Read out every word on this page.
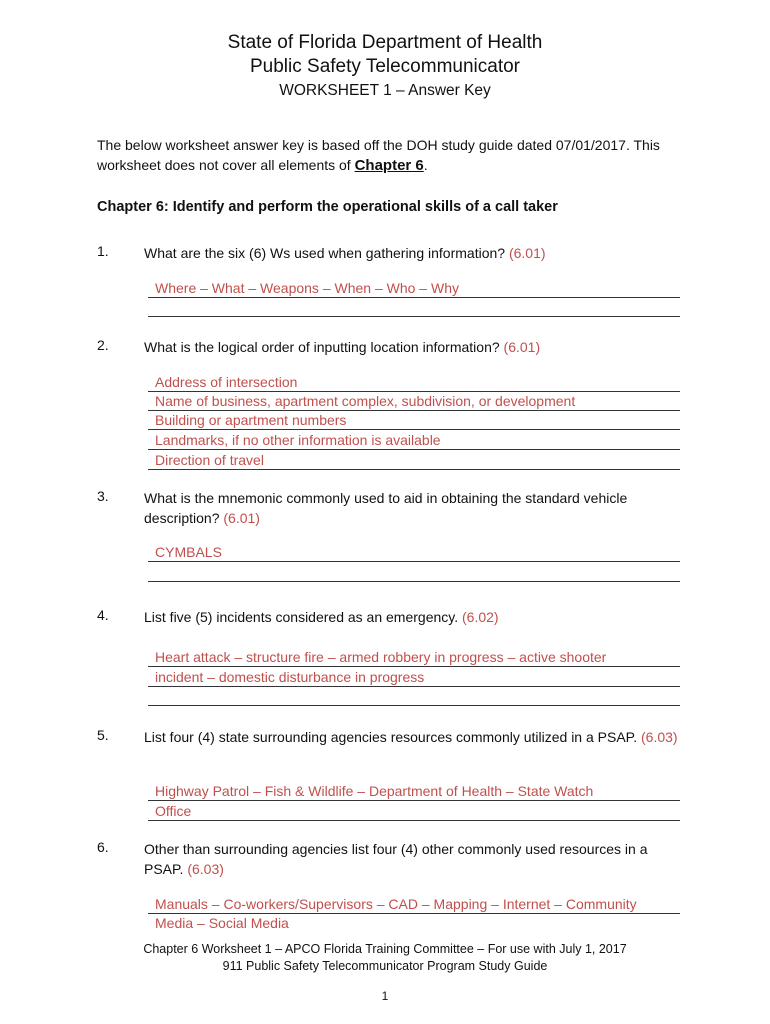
State of Florida Department of Health
Public Safety Telecommunicator
WORKSHEET 1 – Answer Key
The below worksheet answer key is based off the DOH study guide dated 07/01/2017. This worksheet does not cover all elements of Chapter 6.
Chapter 6: Identify and perform the operational skills of a call taker
1.	What are the six (6) Ws used when gathering information? (6.01)
Where – What – Weapons – When – Who – Why
2.	What is the logical order of inputting location information? (6.01)
Address of intersection
Name of business, apartment complex, subdivision, or development
Building or apartment numbers
Landmarks, if no other information is available
Direction of travel
3.	What is the mnemonic commonly used to aid in obtaining the standard vehicle description? (6.01)
CYMBALS
4.	List five (5) incidents considered as an emergency. (6.02)
Heart attack – structure fire – armed robbery in progress – active shooter
incident – domestic disturbance in progress
5.	List four (4) state surrounding agencies resources commonly utilized in a PSAP. (6.03)
Highway Patrol – Fish & Wildlife – Department of Health – State Watch
Office
6.	Other than surrounding agencies list four (4) other commonly used resources in a PSAP. (6.03)
Manuals – Co-workers/Supervisors – CAD – Mapping – Internet – Community
Media – Social Media
Chapter 6 Worksheet 1 – APCO Florida Training Committee – For use with July 1, 2017
911 Public Safety Telecommunicator Program Study Guide
1
